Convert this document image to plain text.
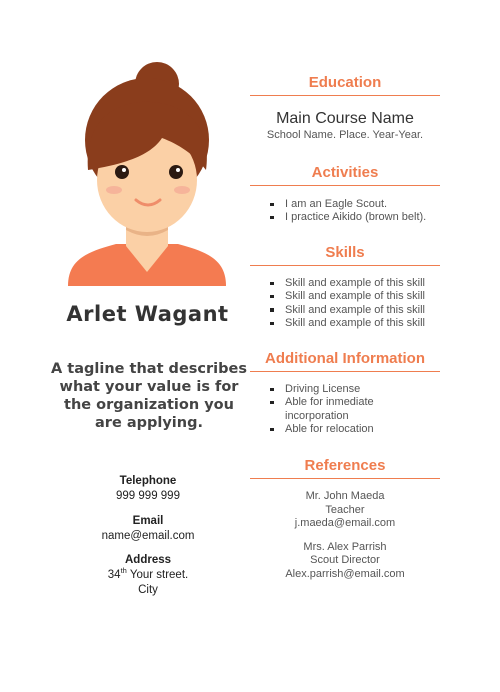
Arlet Wagant
A tagline that describes what your value is for the organization you are applying.
Telephone
999 999 999
Email
name@email.com
Address
34th Your street.
City
Education
Main Course Name
School Name. Place. Year-Year.
Activities
I am an Eagle Scout.
I practice Aikido (brown belt).
Skills
Skill and example of this skill
Skill and example of this skill
Skill and example of this skill
Skill and example of this skill
Additional Information
Driving License
Able for inmediate incorporation
Able for relocation
References
Mr. John Maeda
Teacher
j.maeda@email.com
Mrs. Alex Parrish
Scout Director
Alex.parrish@email.com
